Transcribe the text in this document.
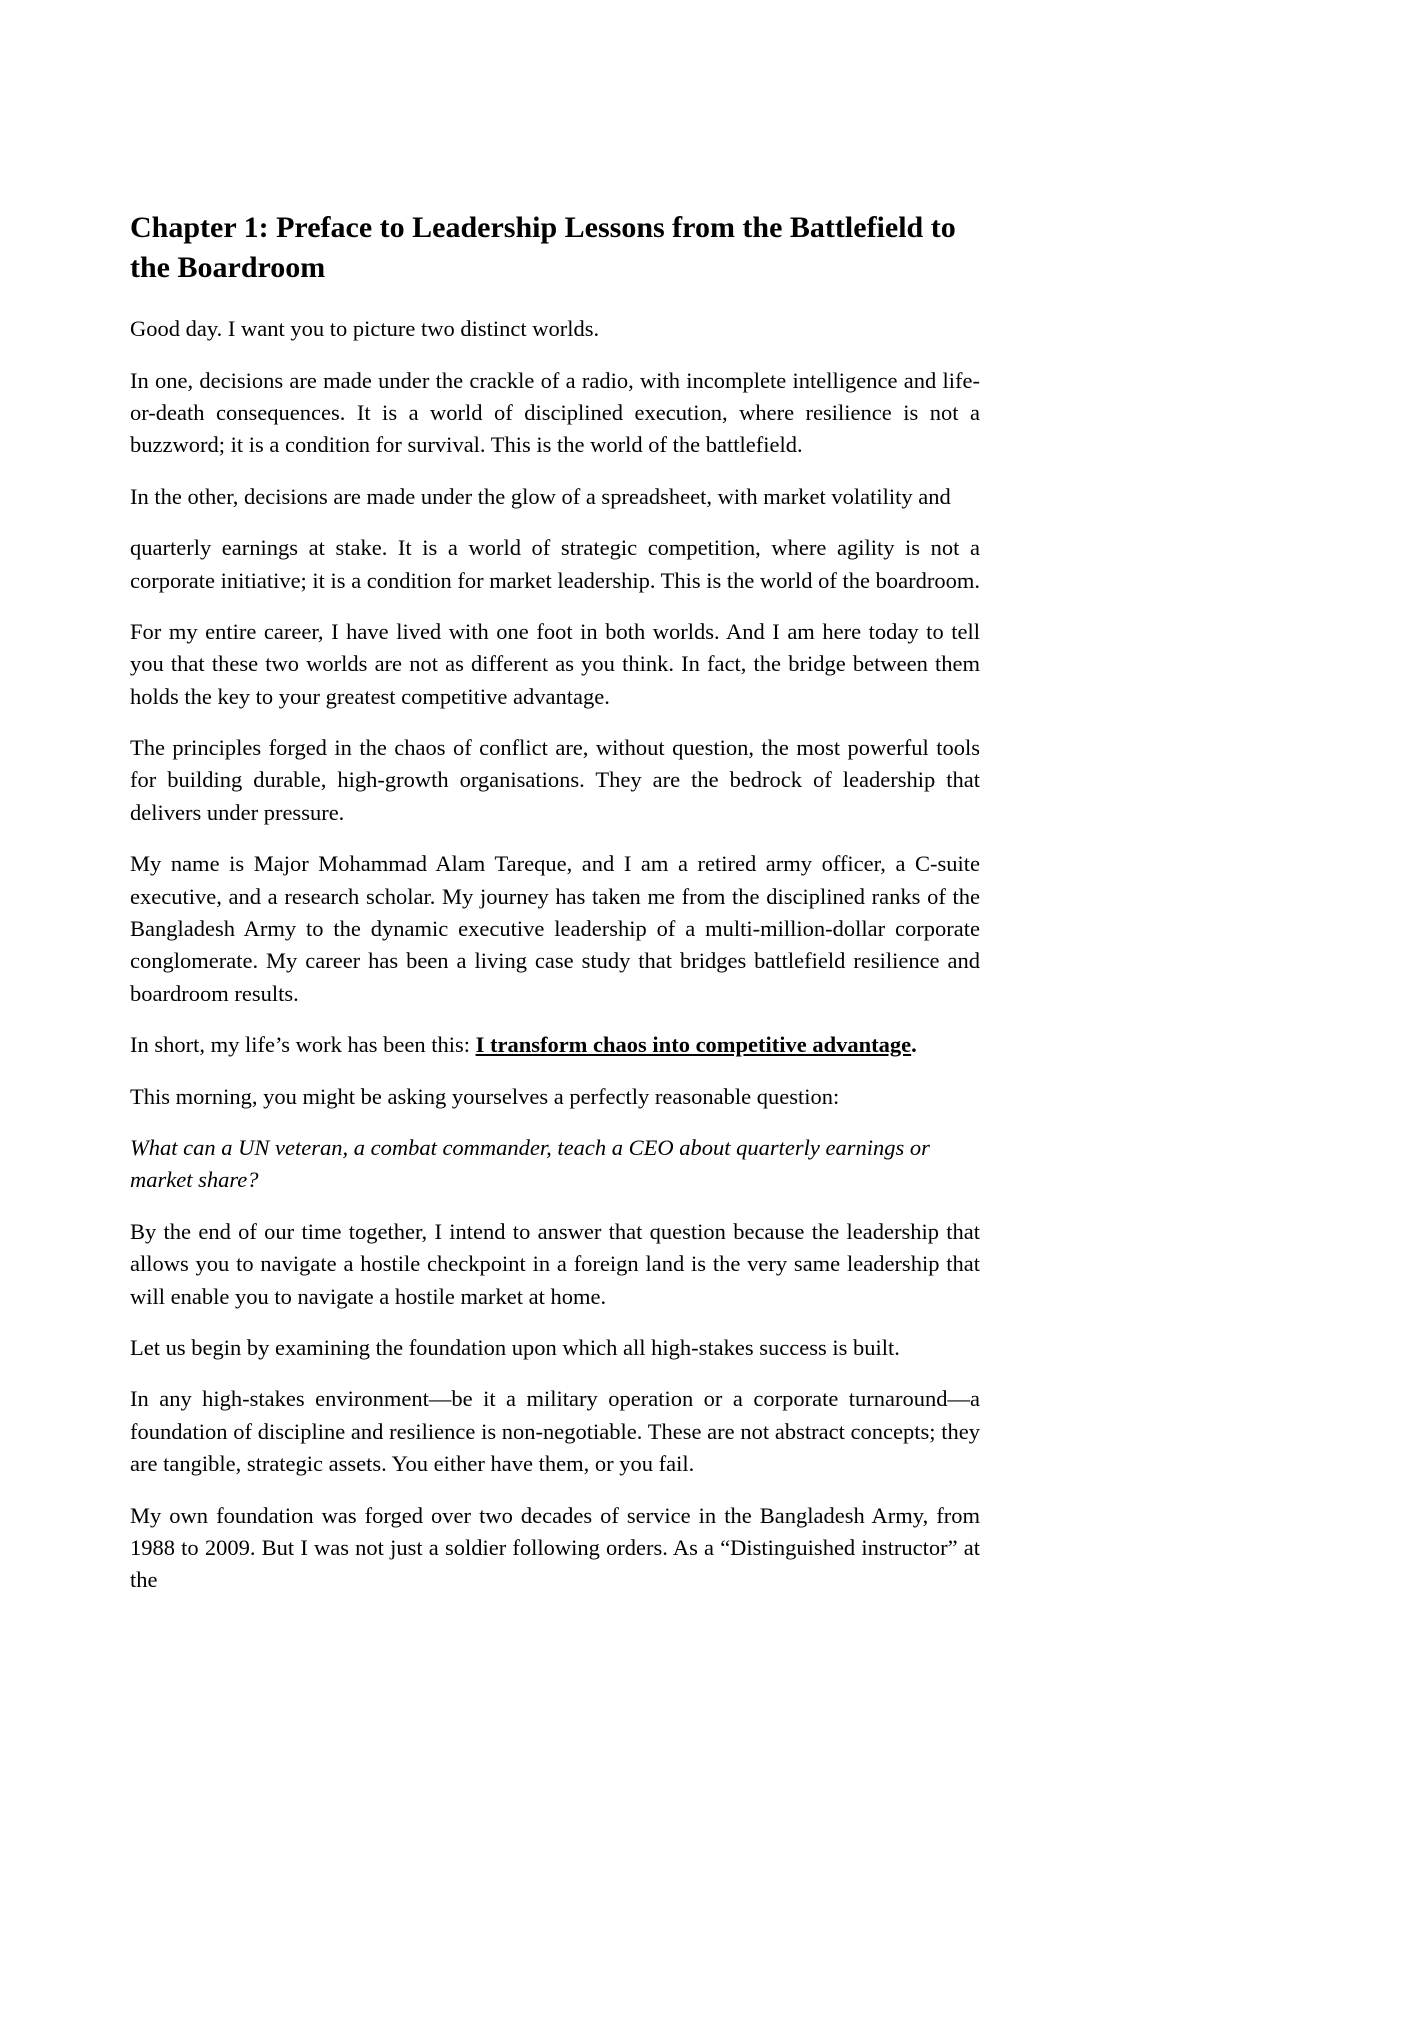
Chapter 1: Preface to Leadership Lessons from the Battlefield to the Boardroom

Good day. I want you to picture two distinct worlds.

In one, decisions are made under the crackle of a radio, with incomplete intelligence and life-or-death consequences. It is a world of disciplined execution, where resilience is not a buzzword; it is a condition for survival. This is the world of the battlefield.

In the other, decisions are made under the glow of a spreadsheet, with market volatility and

quarterly earnings at stake. It is a world of strategic competition, where agility is not a corporate initiative; it is a condition for market leadership. This is the world of the boardroom.

For my entire career, I have lived with one foot in both worlds. And I am here today to tell you that these two worlds are not as different as you think. In fact, the bridge between them holds the key to your greatest competitive advantage.

The principles forged in the chaos of conflict are, without question, the most powerful tools for building durable, high-growth organisations. They are the bedrock of leadership that delivers under pressure.

My name is Major Mohammad Alam Tareque, and I am a retired army officer, a C-suite executive, and a research scholar. My journey has taken me from the disciplined ranks of the Bangladesh Army to the dynamic executive leadership of a multi-million-dollar corporate conglomerate. My career has been a living case study that bridges battlefield resilience and boardroom results.

In short, my life’s work has been this: I transform chaos into competitive advantage.

This morning, you might be asking yourselves a perfectly reasonable question:

What can a UN veteran, a combat commander, teach a CEO about quarterly earnings or market share?

By the end of our time together, I intend to answer that question because the leadership that allows you to navigate a hostile checkpoint in a foreign land is the very same leadership that will enable you to navigate a hostile market at home.

Let us begin by examining the foundation upon which all high-stakes success is built.

In any high-stakes environment—be it a military operation or a corporate turnaround—a foundation of discipline and resilience is non-negotiable. These are not abstract concepts; they are tangible, strategic assets. You either have them, or you fail.

My own foundation was forged over two decades of service in the Bangladesh Army, from 1988 to 2009. But I was not just a soldier following orders. As a “Distinguished instructor” at the
